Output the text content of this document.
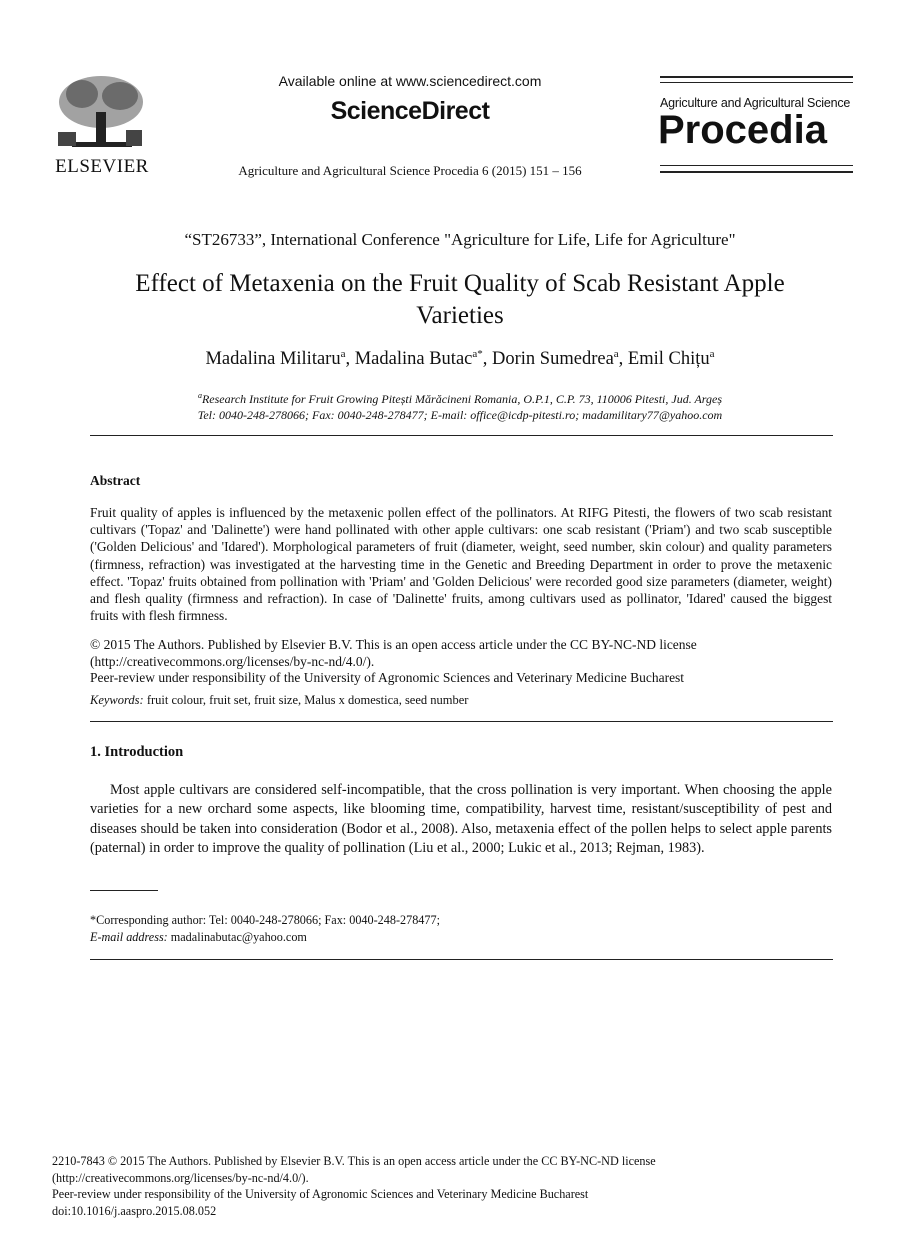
ELSEVIER
Available online at www.sciencedirect.com
ScienceDirect
Agriculture and Agricultural Science Procedia 6 (2015) 151 – 156
Agriculture and Agricultural Science
Procedia
“ST26733”, International Conference "Agriculture for Life, Life for Agriculture"
Effect of Metaxenia on the Fruit Quality of Scab Resistant Apple Varieties
Madalina Militaru$^a$, Madalina Butac$^{a*}$, Dorin Sumedrea$^a$, Emil Chițu$^a$
$^a$Research Institute for Fruit Growing Pitești Mărăcineni Romania, O.P.1, C.P. 73, 110006 Pitesti, Jud. Argeș
Tel: 0040-248-278066; Fax: 0040-248-278477; E-mail: office@icdp-pitesti.ro; madamilitary77@yahoo.com
Abstract
Fruit quality of apples is influenced by the metaxenic pollen effect of the pollinators. At RIFG Pitesti, the flowers of two scab resistant cultivars ('Topaz' and 'Dalinette') were hand pollinated with other apple cultivars: one scab resistant ('Priam') and two scab susceptible ('Golden Delicious' and 'Idared'). Morphological parameters of fruit (diameter, weight, seed number, skin colour) and quality parameters (firmness, refraction) was investigated at the harvesting time in the Genetic and Breeding Department in order to prove the metaxenic effect. 'Topaz' fruits obtained from pollination with 'Priam' and 'Golden Delicious' were recorded good size parameters (diameter, weight) and flesh quality (firmness and refraction). In case of 'Dalinette' fruits, among cultivars used as pollinator, 'Idared' caused the biggest fruits with flesh firmness.
© 2015 The Authors. Published by Elsevier B.V. This is an open access article under the CC BY-NC-ND license
(http://creativecommons.org/licenses/by-nc-nd/4.0/).
Peer-review under responsibility of the University of Agronomic Sciences and Veterinary Medicine Bucharest
Keywords: fruit colour, fruit set, fruit size, Malus x domestica, seed number
1. Introduction
Most apple cultivars are considered self-incompatible, that the cross pollination is very important. When choosing the apple varieties for a new orchard some aspects, like blooming time, compatibility, harvest time, resistant/susceptibility of pest and diseases should be taken into consideration (Bodor et al., 2008). Also, metaxenia effect of the pollen helps to select apple parents (paternal) in order to improve the quality of pollination (Liu et al., 2000; Lukic et al., 2013; Rejman, 1983).
*Corresponding author: Tel: 0040-248-278066; Fax: 0040-248-278477;
E-mail address: madalinabutac@yahoo.com
2210-7843 © 2015 The Authors. Published by Elsevier B.V. This is an open access article under the CC BY-NC-ND license
(http://creativecommons.org/licenses/by-nc-nd/4.0/).
Peer-review under responsibility of the University of Agronomic Sciences and Veterinary Medicine Bucharest
doi:10.1016/j.aaspro.2015.08.052
